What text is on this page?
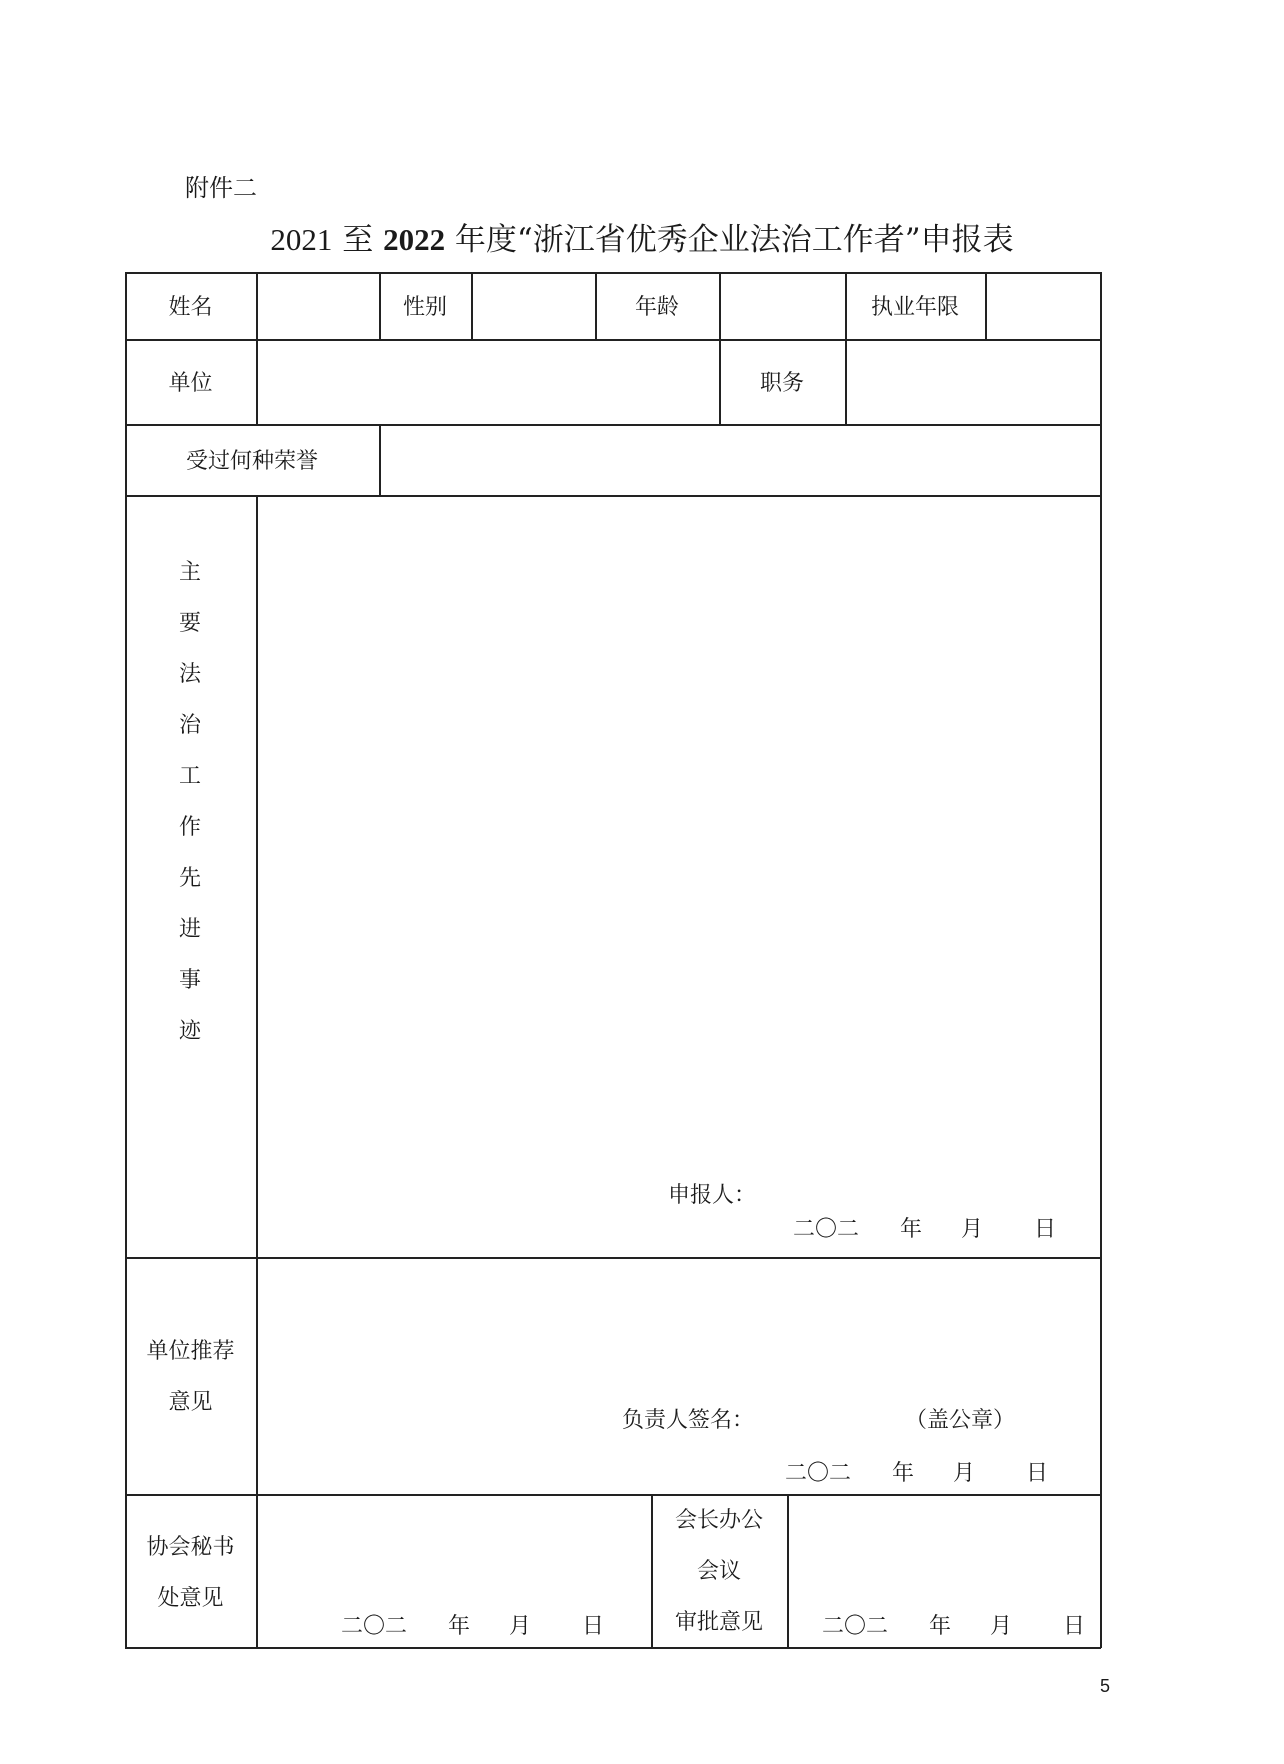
附件二
2021 至 2022 年度“浙江省优秀企业法治工作者”申报表
姓名	性别	年龄	执业年限
单位	职务
受过何种荣誉
主
要
法
治
工
作
先
进
事
迹
申报人：
二〇二 年 月 日
单位推荐
意见
负责人签名：	（盖公章）
二〇二 年 月 日
协会秘书
处意见
二〇二 年 月 日
会长办公
会议
审批意见	二〇二 年 月 日
5
